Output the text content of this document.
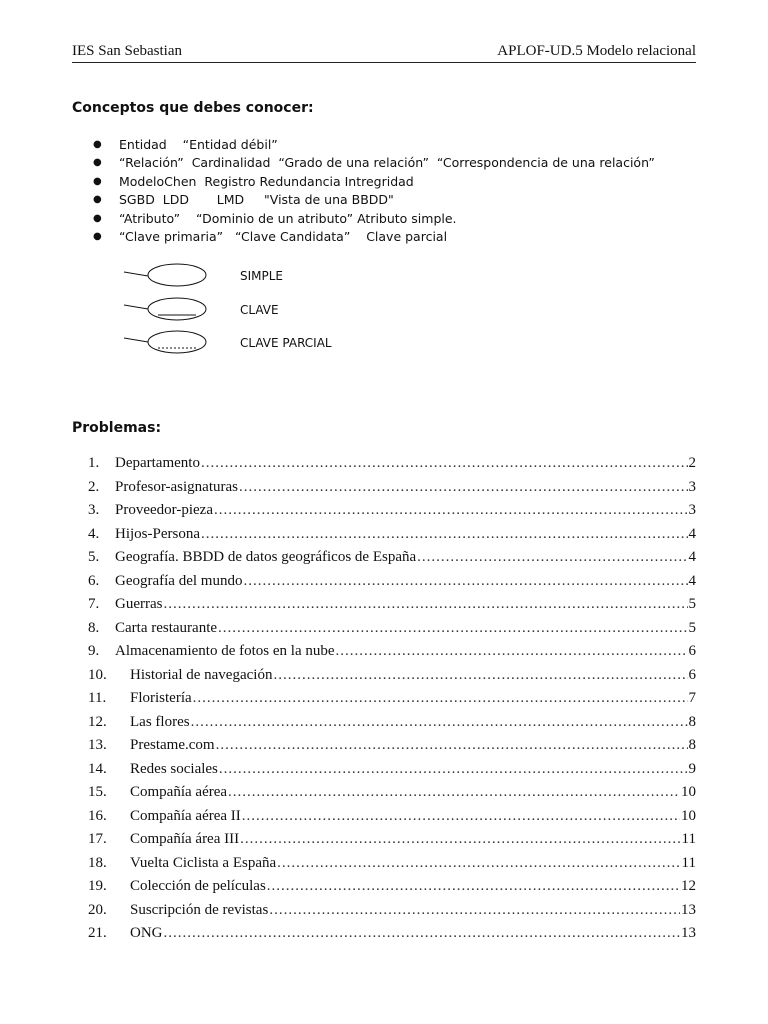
IES San Sebastian	APLOF-UD.5 Modelo relacional
Conceptos que debes conocer:
●	Entidad    “Entidad débil”
●	“Relación”  Cardinalidad  “Grado de una relación”  “Correspondencia de una relación”
●	ModeloChen  Registro Redundancia Intregridad
●	SGBD  LDD       LMD     "Vista de una BBDD"
●	“Atributo”    “Dominio de un atributo” Atributo simple.
●	“Clave primaria”   “Clave Candidata”    Clave parcial
SIMPLE
CLAVE
CLAVE PARCIAL
Problemas:
1.	Departamento .....	2
2.	Profesor-asignaturas .....	3
3.	Proveedor-pieza .....	3
4.	Hijos-Persona .....	4
5.	Geografía. BBDD de datos geográficos de España .....	4
6.	Geografía del mundo .....	4
7.	Guerras .....	5
8.	Carta restaurante .....	5
9.	Almacenamiento de fotos en la nube .....	6
10.	Historial de navegación .....	6
11.	Floristería .....	7
12.	Las flores .....	8
13.	Prestame.com .....	8
14.	Redes sociales .....	9
15.	Compañía aérea .....	10
16.	Compañía aérea II .....	10
17.	Compañía área III .....	11
18.	Vuelta Ciclista a España .....	11
19.	Colección de películas .....	12
20.	Suscripción de revistas .....	13
21.	ONG .....	13
